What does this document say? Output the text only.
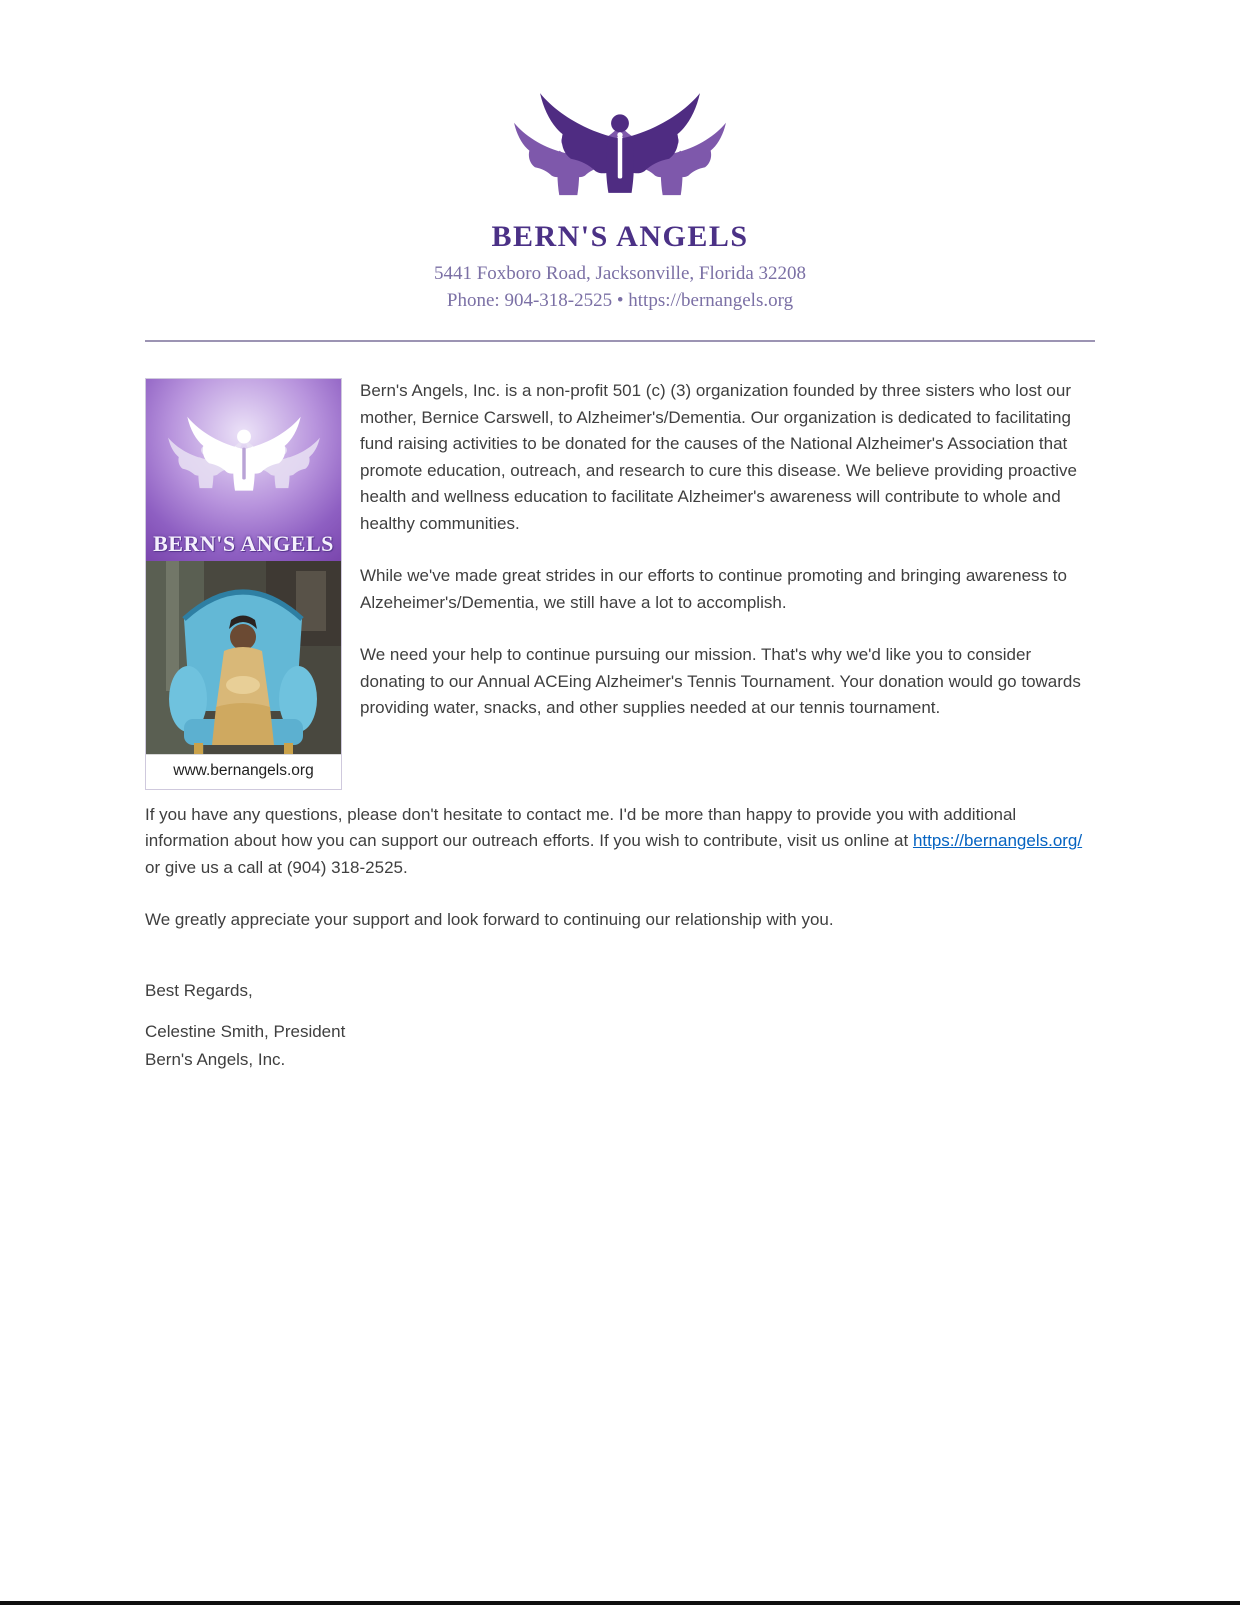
BERN'S ANGELS
5441 Foxboro Road, Jacksonville, Florida 32208
Phone: 904-318-2525 • https://bernangels.org
BERN'S ANGELS
www.bernangels.org

Bern's Angels, Inc. is a non-profit 501 (c) (3) organization founded by three sisters who lost our mother, Bernice Carswell, to Alzheimer's/Dementia. Our organization is dedicated to facilitating fund raising activities to be donated for the causes of the National Alzheimer's Association that promote education, outreach, and research to cure this disease. We believe providing proactive health and wellness education to facilitate Alzheimer's awareness will contribute to whole and healthy communities.

While we've made great strides in our efforts to continue promoting and bringing awareness to Alzeheimer's/Dementia, we still have a lot to accomplish.

We need your help to continue pursuing our mission. That's why we'd like you to consider donating to our Annual ACEing Alzheimer's Tennis Tournament. Your donation would go towards providing water, snacks, and other supplies needed at our tennis tournament.

If you have any questions, please don't hesitate to contact me. I'd be more than happy to provide you with additional information about how you can support our outreach efforts. If you wish to contribute, visit us online at https://bernangels.org/ or give us a call at (904) 318-2525.

We greatly appreciate your support and look forward to continuing our relationship with you.

Best Regards,

Celestine Smith, President

Bern's Angels, Inc.
